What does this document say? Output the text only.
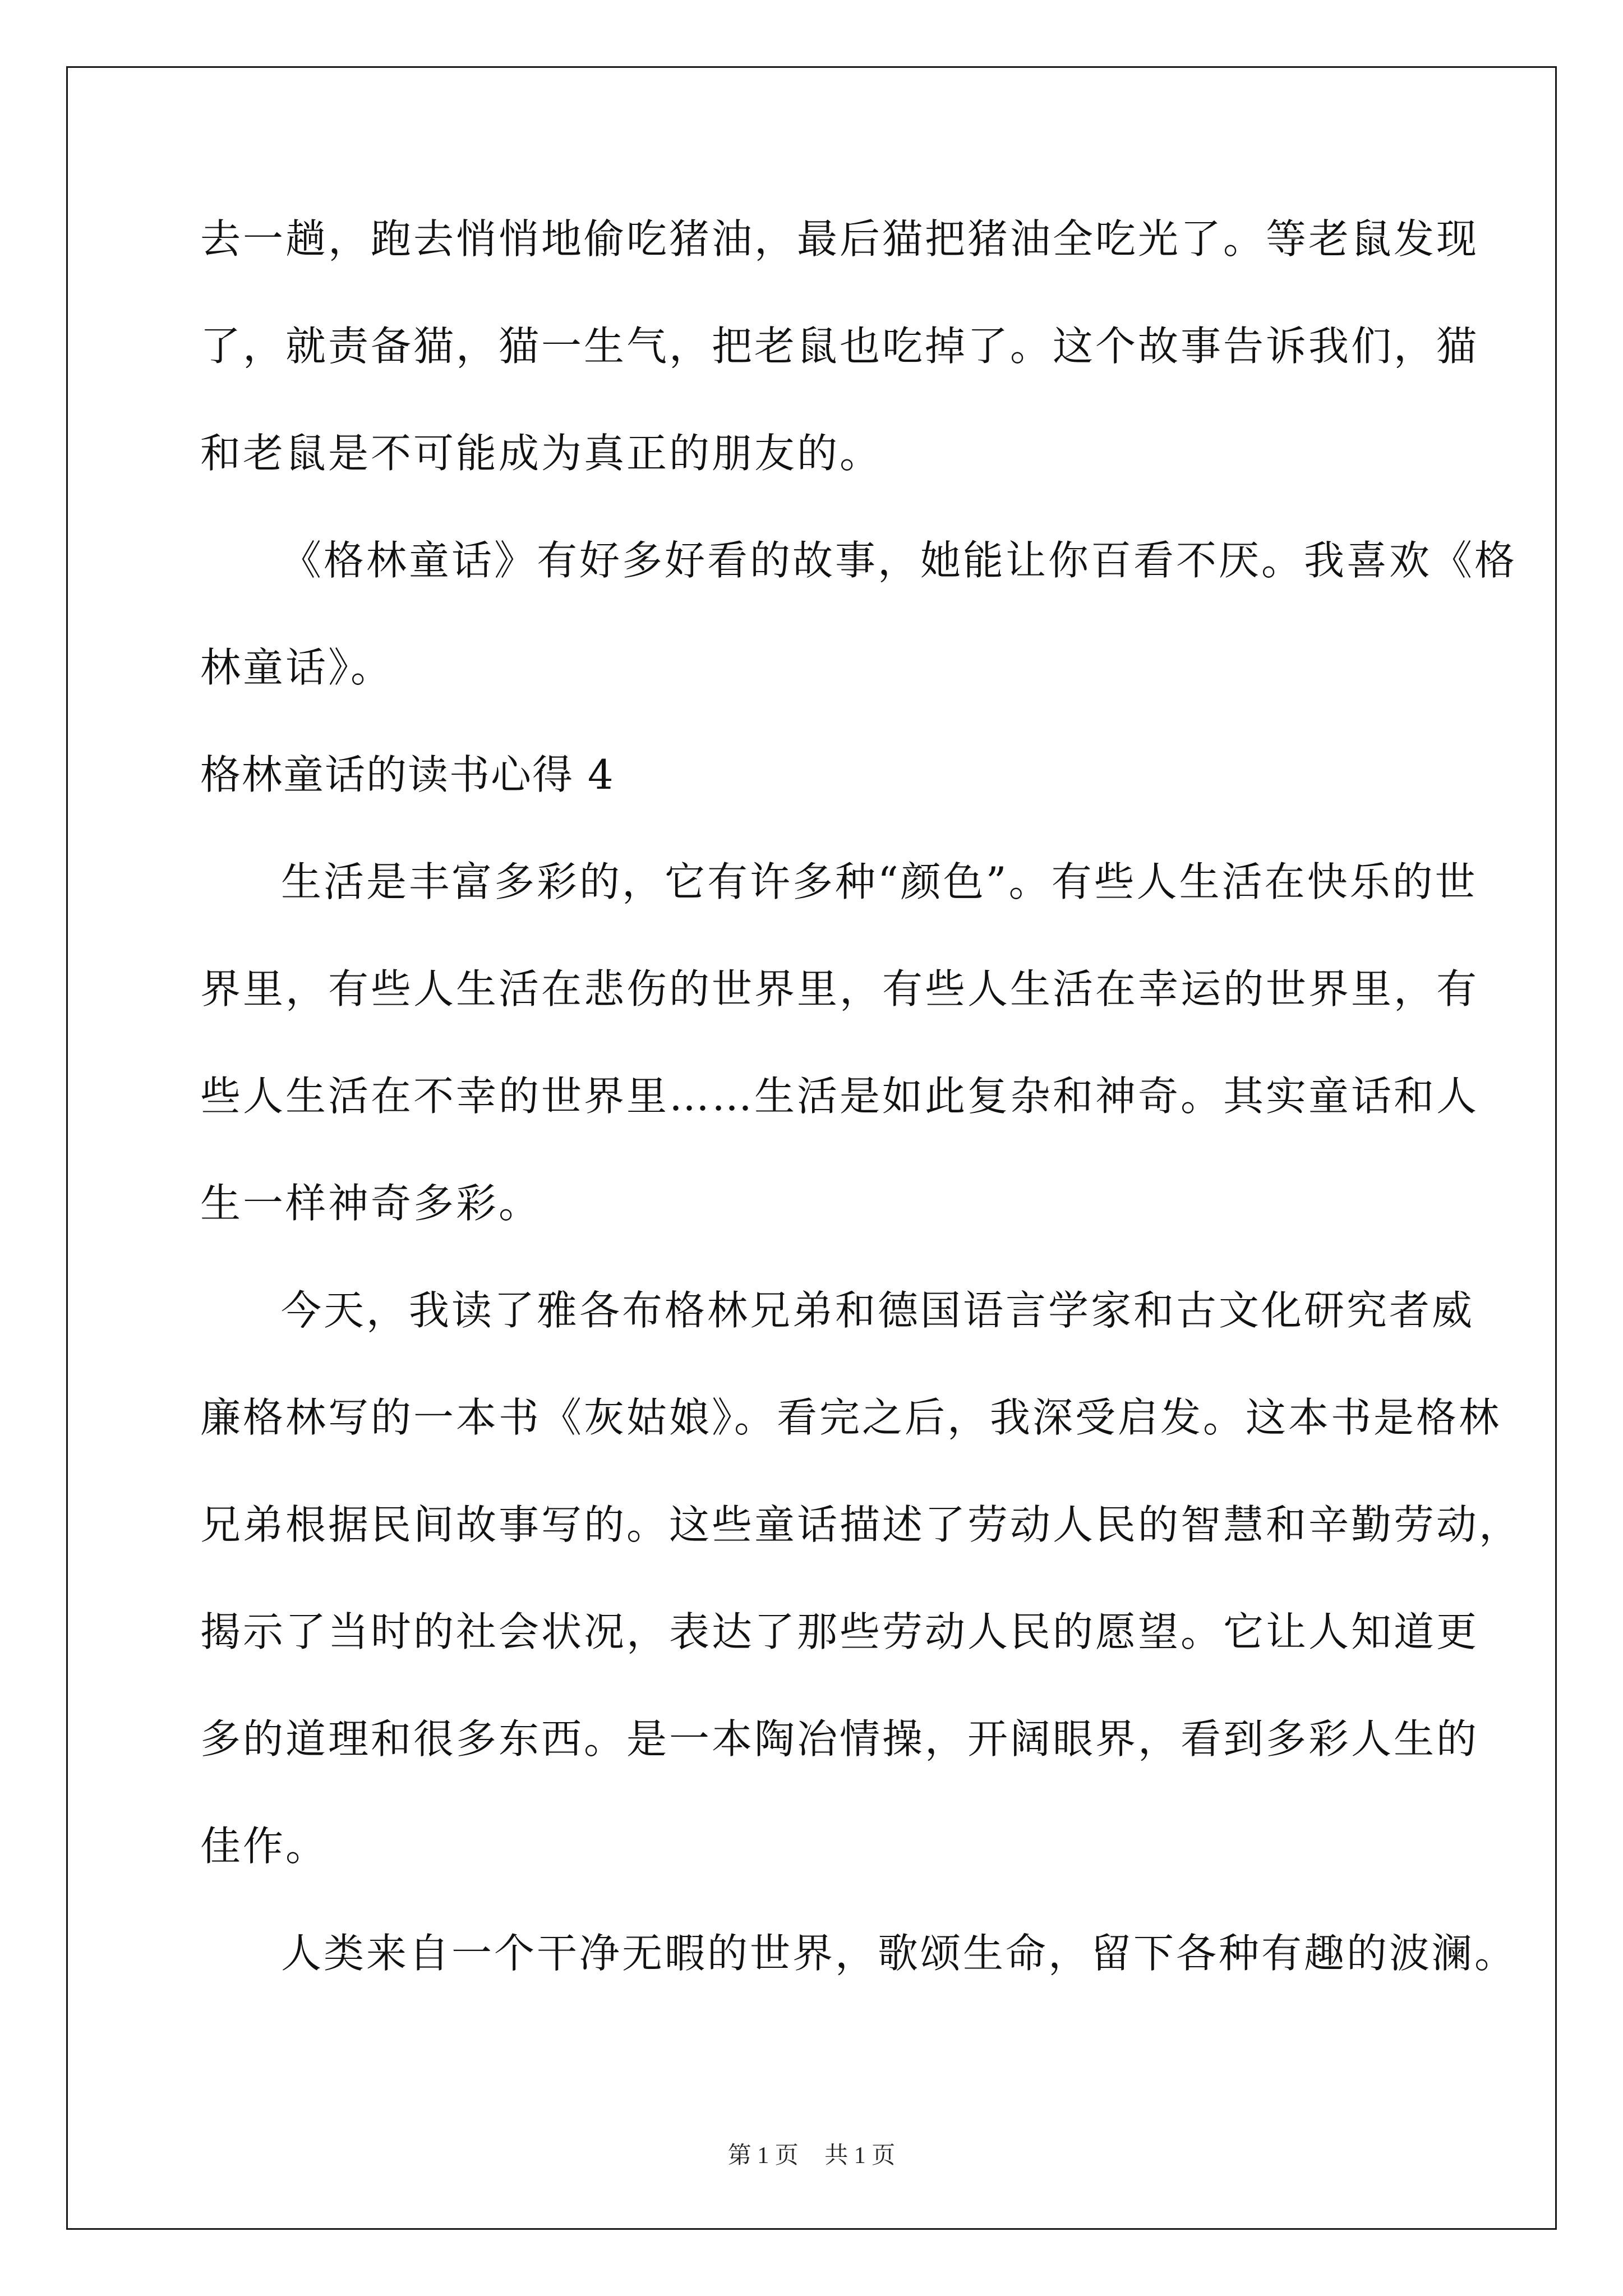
去一趟，跑去悄悄地偷吃猪油，最后猫把猪油全吃光了。等老鼠发现
了，就责备猫，猫一生气，把老鼠也吃掉了。这个故事告诉我们，猫
和老鼠是不可能成为真正的朋友的。
《格林童话》有好多好看的故事，她能让你百看不厌。我喜欢《格
林童话》。
格林童话的读书心得 4
生活是丰富多彩的，它有许多种“颜色”。有些人生活在快乐的世
界里，有些人生活在悲伤的世界里，有些人生活在幸运的世界里，有
些人生活在不幸的世界里……生活是如此复杂和神奇。其实童话和人
生一样神奇多彩。
今天，我读了雅各布格林兄弟和德国语言学家和古文化研究者威
廉格林写的一本书《灰姑娘》。看完之后，我深受启发。这本书是格林
兄弟根据民间故事写的。这些童话描述了劳动人民的智慧和辛勤劳动，
揭示了当时的社会状况，表达了那些劳动人民的愿望。它让人知道更
多的道理和很多东西。是一本陶冶情操，开阔眼界，看到多彩人生的
佳作。
人类来自一个干净无暇的世界，歌颂生命，留下各种有趣的波澜。
第 1 页 共 1 页
